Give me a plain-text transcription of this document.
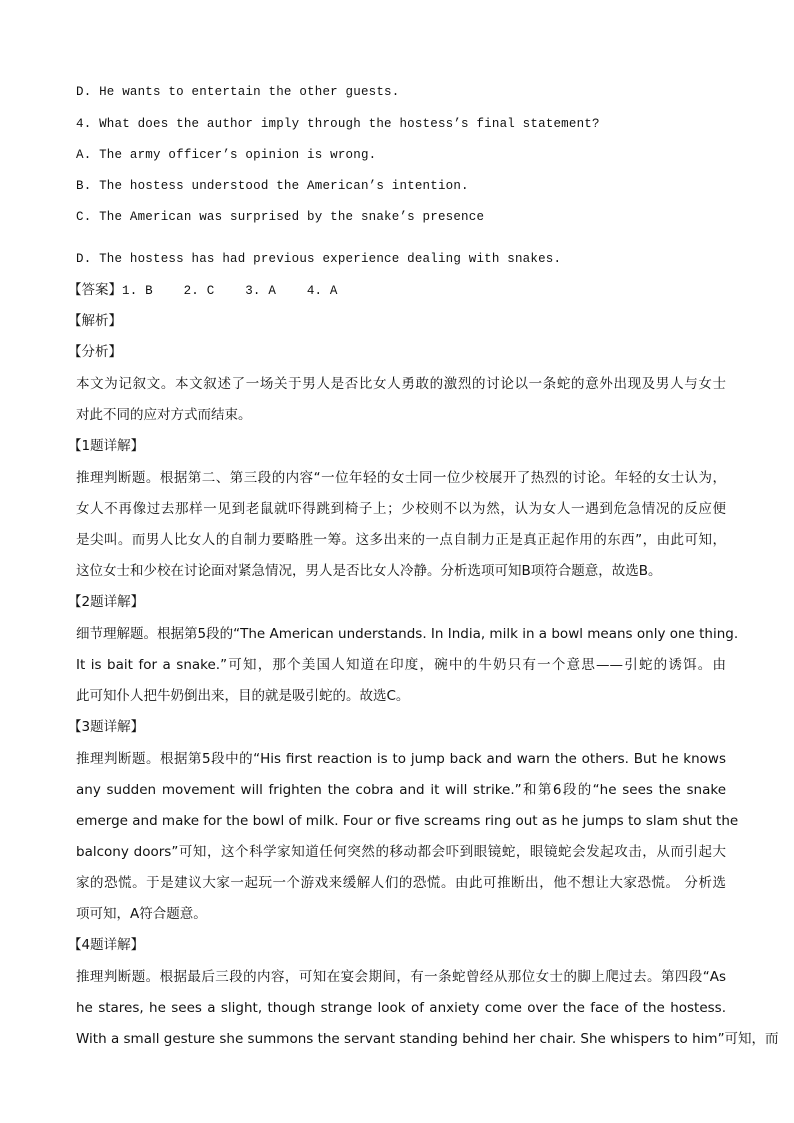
D. He wants to entertain the other guests.
4. What does the author imply through the hostess’s final statement?
A. The army officer’s opinion is wrong.
B. The hostess understood the American’s intention.
C. The American was surprised by the snake’s presence
D. The hostess has had previous experience dealing with snakes.
【答案】1. B    2. C    3. A    4. A
【解析】
【分析】
本文为记叙文。本文叙述了一场关于男人是否比女人勇敢的激烈的讨论以一条蛇的意外出现及男人与女士
对此不同的应对方式而结束。
【1题详解】
推理判断题。根据第二、第三段的内容“一位年轻的女士同一位少校展开了热烈的讨论。年轻的女士认为，
女人不再像过去那样一见到老鼠就吓得跳到椅子上；少校则不以为然，认为女人一遇到危急情况的反应便
是尖叫。而男人比女人的自制力要略胜一筹。这多出来的一点自制力正是真正起作用的东西”，由此可知，
这位女士和少校在讨论面对紧急情况，男人是否比女人冷静。分析选项可知B项符合题意，故选B。
【2题详解】
细节理解题。根据第5段的“The American understands. In India, milk in a bowl means only one thing.
It is bait for a snake.”可知，那个美国人知道在印度，碗中的牛奶只有一个意思——引蛇的诱饵。由
此可知仆人把牛奶倒出来，目的就是吸引蛇的。故选C。
【3题详解】
推理判断题。根据第5段中的“His first reaction is to jump back and warn the others. But he knows
any sudden movement will frighten the cobra and it will strike.”和第6段的“he sees the snake
emerge and make for the bowl of milk. Four or five screams ring out as he jumps to slam shut the
balcony doors”可知，这个科学家知道任何突然的移动都会吓到眼镜蛇，眼镜蛇会发起攻击，从而引起大
家的恐慌。于是建议大家一起玩一个游戏来缓解人们的恐慌。由此可推断出，他不想让大家恐慌。 分析选
项可知，A符合题意。
【4题详解】
推理判断题。根据最后三段的内容，可知在宴会期间，有一条蛇曾经从那位女士的脚上爬过去。第四段“As
he stares, he sees a slight, though strange look of anxiety come over the face of the hostess.
With a small gesture she summons the servant standing behind her chair. She whispers to him”可知，而
